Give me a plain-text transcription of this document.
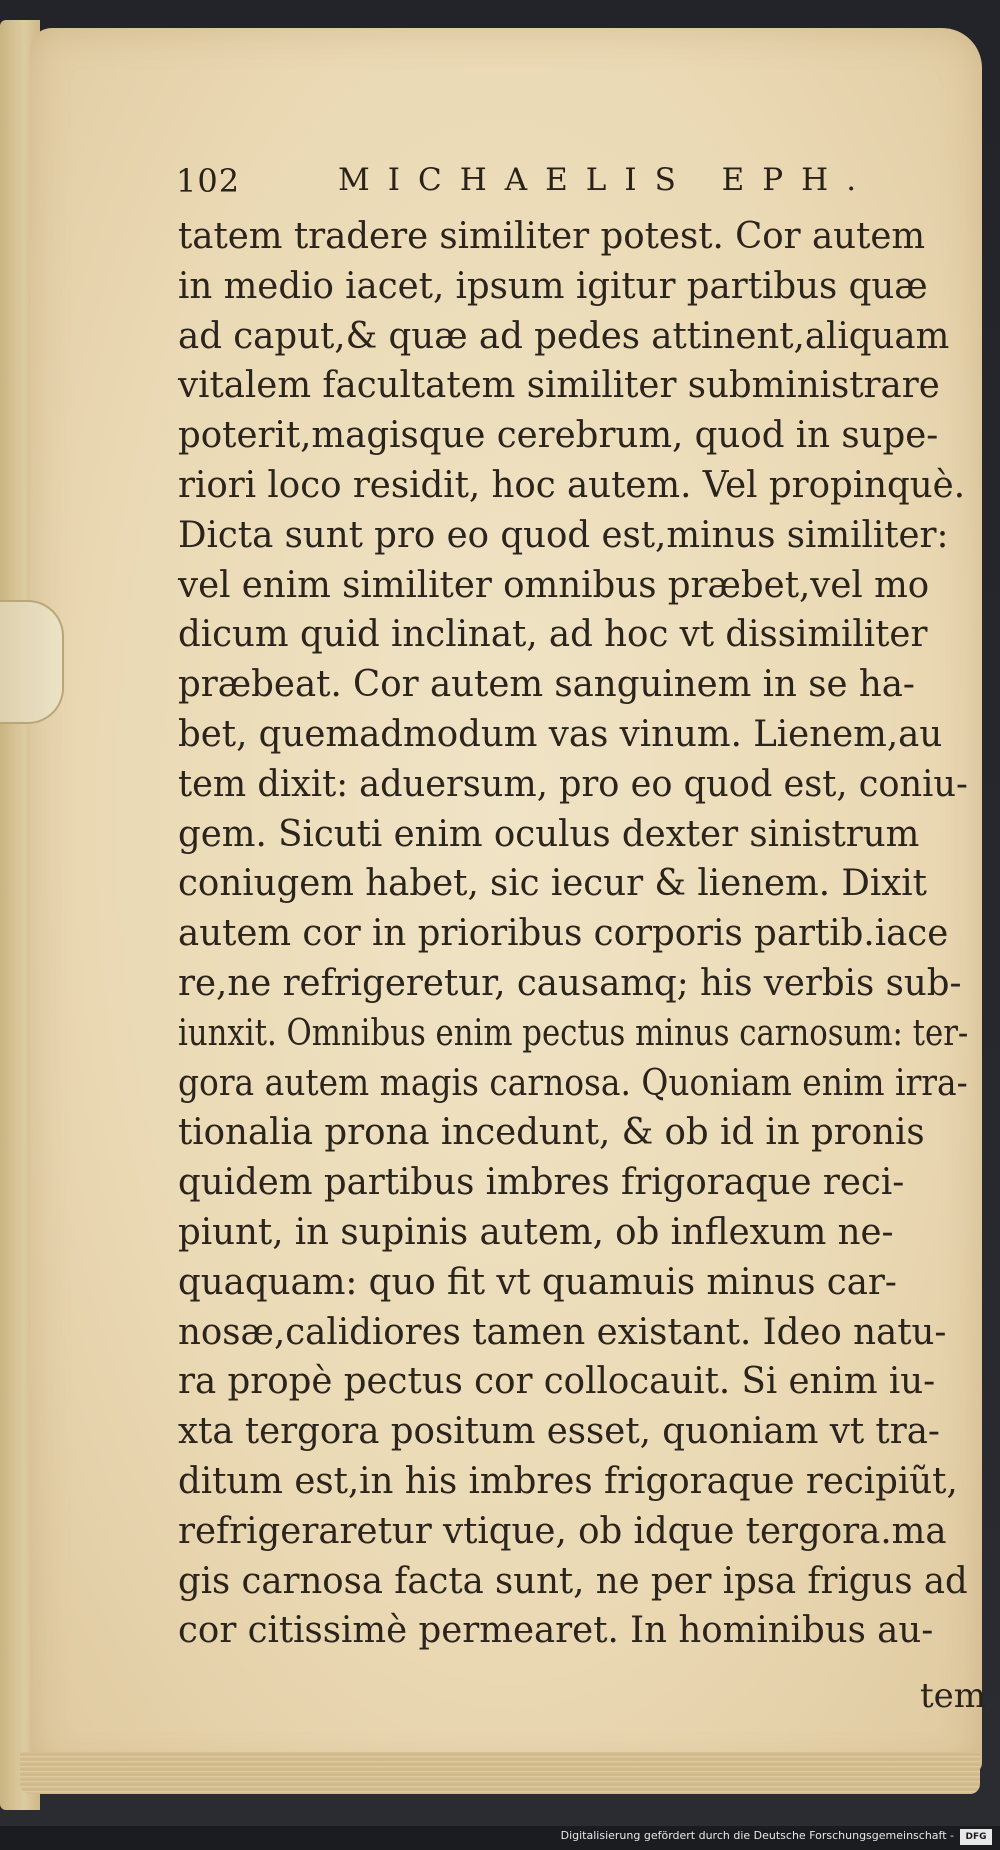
102	MICHAELIS EPH.
tatem tradere similiter potest. Cor autem
in medio iacet, ipsum igitur partibus quæ
ad caput,& quæ ad pedes attinent,aliquam
vitalem facultatem similiter subministrare
poterit,magisque cerebrum, quod in supe-
riori loco residit, hoc autem. Vel propinquè.
Dicta sunt pro eo quod est,minus similiter:
vel enim similiter omnibus præbet,vel mo
dicum quid inclinat, ad hoc vt dissimiliter
præbeat. Cor autem sanguinem in se ha-
bet, quemadmodum vas vinum. Lienem,au
tem dixit: aduersum, pro eo quod est, coniu-
gem. Sicuti enim oculus dexter sinistrum
coniugem habet, sic iecur & lienem. Dixit
autem cor in prioribus corporis partib.iace
re,ne refrigeretur, causamq; his verbis sub-
iunxit. Omnibus enim pectus minus carnosum: ter-
gora autem magis carnosa. Quoniam enim irra-
tionalia prona incedunt, & ob id in pronis
quidem partibus imbres frigoraque reci-
piunt, in supinis autem, ob inflexum ne-
quaquam: quo fit vt quamuis minus car-
nosæ,calidiores tamen existant. Ideo natu-
ra propè pectus cor collocauit. Si enim iu-
xta tergora positum esset, quoniam vt tra-
ditum est,in his imbres frigoraque recipiũt,
refrigeraretur vtique, ob idque tergora.ma
gis carnosa facta sunt, ne per ipsa frigus ad
cor citissimè permearet. In hominibus au-
tem
Digitalisierung gefördert durch die Deutsche Forschungsgemeinschaft -	DFG
